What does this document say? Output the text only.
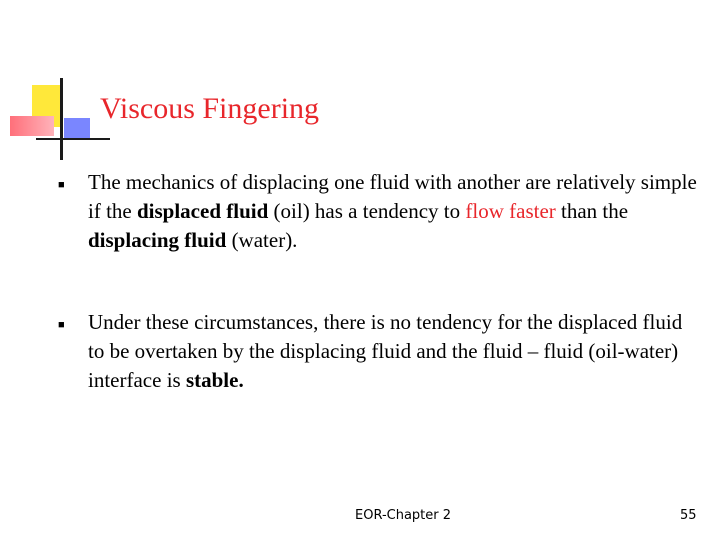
Viscous Fingering
■ The mechanics of displacing one fluid with another are relatively simple if the displaced fluid (oil) has a tendency to flow faster than the displacing fluid (water).
■ Under these circumstances, there is no tendency for the displaced fluid to be overtaken by the displacing fluid and the fluid – fluid (oil-water) interface is stable.
EOR-Chapter 2	55
